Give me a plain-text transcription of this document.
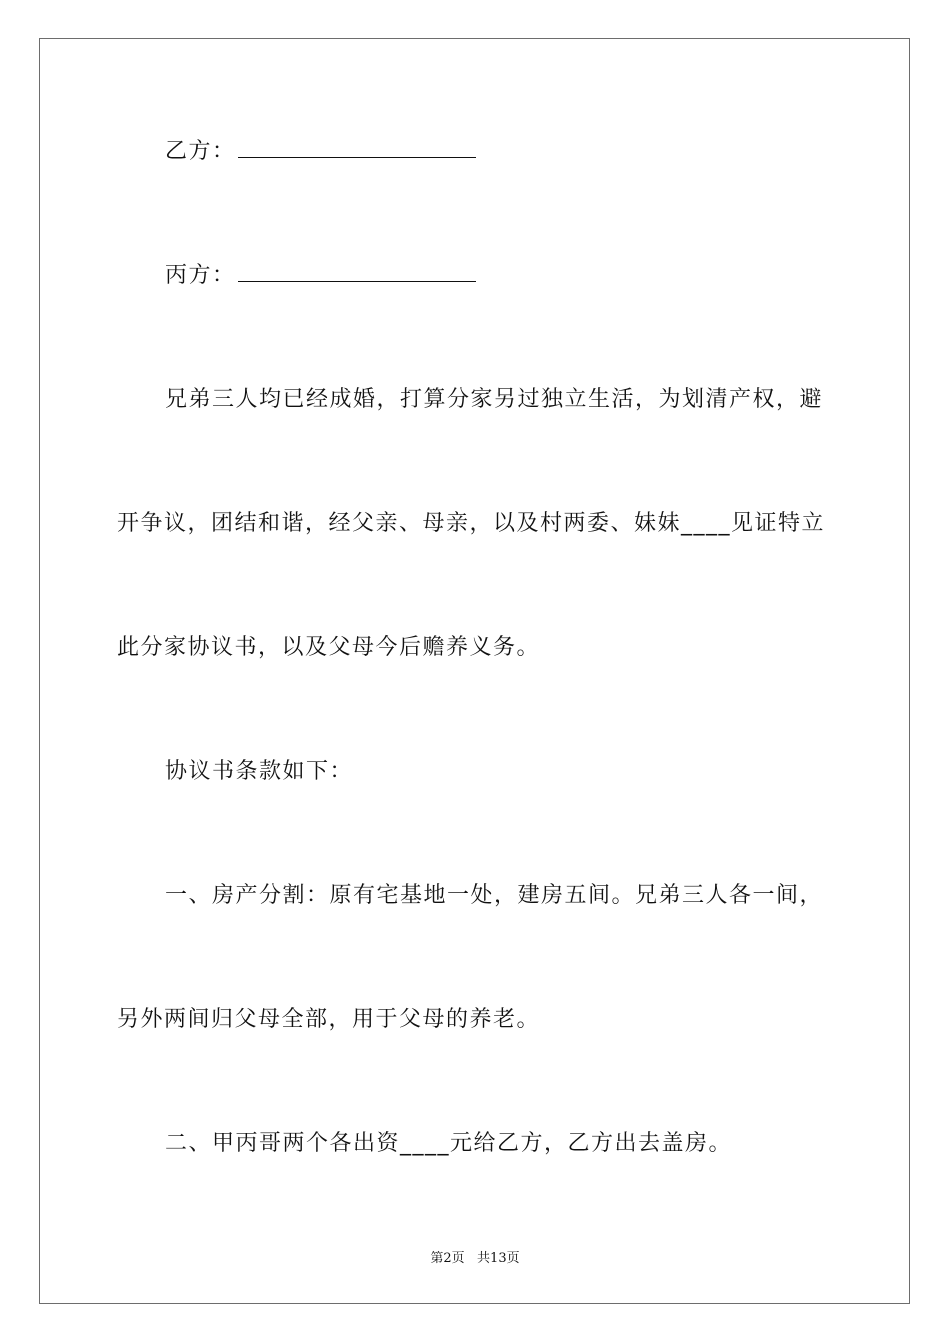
乙方：
丙方：
兄弟三人均已经成婚，打算分家另过独立生活，为划清产权，避
开争议，团结和谐，经父亲、母亲，以及村两委、妹妹____见证特立
此分家协议书，以及父母今后赡养义务。
协议书条款如下：
一、房产分割：原有宅基地一处，建房五间。兄弟三人各一间，
另外两间归父母全部，用于父母的养老。
二、甲丙哥两个各出资____元给乙方，乙方出去盖房。
第2页   共13页
